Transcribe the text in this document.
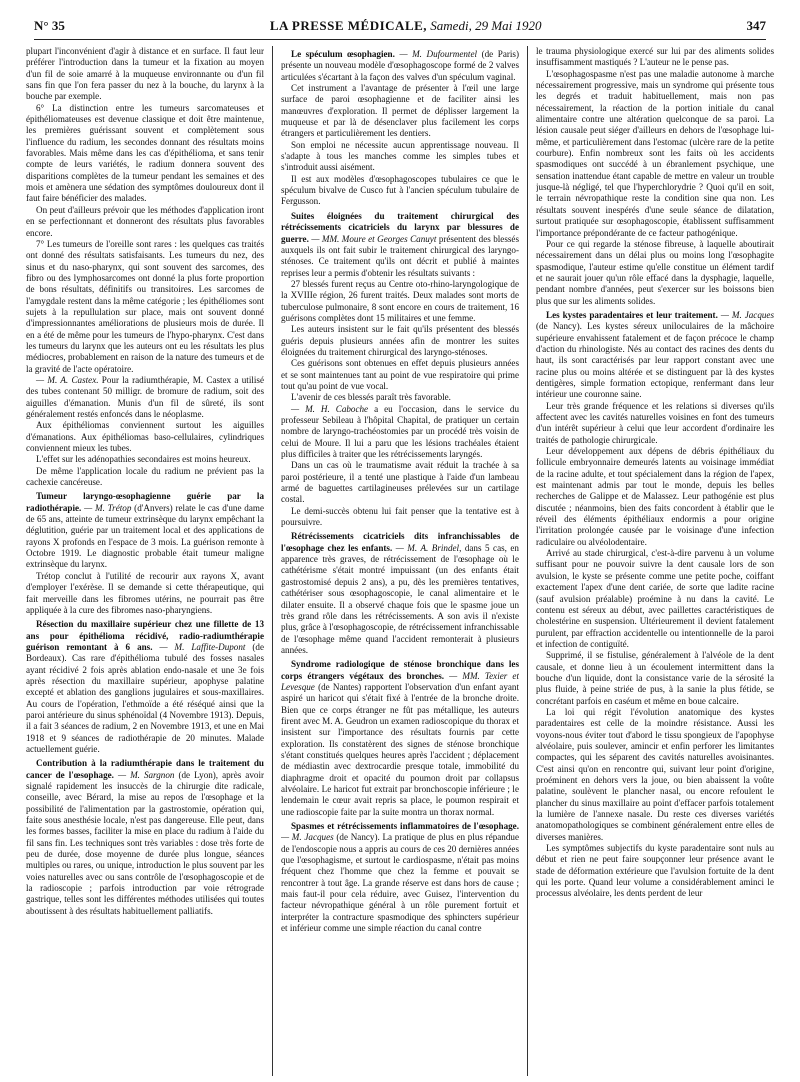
N° 35	LA PRESSE MÉDICALE, Samedi, 29 Mai 1920	347

plupart l'inconvénient d'agir à distance et en surface. Il faut leur préférer l'introduction dans la tumeur et la fixation au moyen d'un fil de soie amarré à la muqueuse environnante ou d'un fil sans fin que l'on fera passer du nez à la bouche, du larynx à la bouche par exemple.

6° La distinction entre les tumeurs sarcomateuses et épithéliomateuses est devenue classique et doit être maintenue, les premières guérissant souvent et complètement sous l'influence du radium, les secondes donnant des résultats moins favorables. Mais même dans les cas d'épithélioma, et sans tenir compte de leurs variétés, le radium donnera souvent des disparitions complètes de la tumeur pendant les semaines et des mois et amènera une sédation des symptômes douloureux dont il faut faire bénéficier des malades.

On peut d'ailleurs prévoir que les méthodes d'application iront en se perfectionnant et donneront des résultats plus favorables encore.

7° Les tumeurs de l'oreille sont rares : les quelques cas traités ont donné des résultats satisfaisants. Les tumeurs du nez, des sinus et du naso-pharynx, qui sont souvent des sarcomes, des fibro ou des lymphosarcomes ont donné la plus forte proportion de bons résultats, définitifs ou transitoires. Les sarcomes de l'amygdale restent dans la même catégorie ; les épithéliomes sont sujets à la repullulation sur place, mais ont souvent donné d'impressionnantes améliorations de plusieurs mois de durée. Il en a été de même pour les tumeurs de l'hypo-pharynx. C'est dans les tumeurs du larynx que les auteurs ont eu les résultats les plus médiocres, probablement en raison de la nature des tumeurs et de la gravité de l'acte opératoire.

— M. A. Castex. Pour la radiumthérapie, M. Castex a utilisé des tubes contenant 50 milligr. de bromure de radium, soit des aiguilles d'émanation. Munis d'un fil de sûreté, ils sont généralement restés enfoncés dans le néoplasme.

Aux épithéliomas conviennent surtout les aiguilles d'émanations. Aux épithéliomas baso-cellulaires, cylindriques conviennent mieux les tubes.

L'effet sur les adénopathies secondaires est moins heureux.

De même l'application locale du radium ne prévient pas la cachexie cancéreuse.

Tumeur laryngo-œsophagienne guérie par la radiothérapie. — M. Trétop (d'Anvers) relate le cas d'une dame de 65 ans, atteinte de tumeur extrinsèque du larynx empêchant la déglutition, guérie par un traitement local et des applications de rayons X profonds en l'espace de 3 mois. La guérison remonte à Octobre 1919. Le diagnostic probable était tumeur maligne extrinsèque du larynx.

Trétop conclut à l'utilité de recourir aux rayons X, avant d'employer l'exérèse. Il se demande si cette thérapeutique, qui fait merveille dans les fibromes utérins, ne pourrait pas être appliquée à la cure des fibromes naso-pharyngiens.

Résection du maxillaire supérieur chez une fillette de 13 ans pour épithélioma récidivé, radio-radiumthérapie guérison remontant à 6 ans. — M. Laffite-Dupont (de Bordeaux). Cas rare d'épithélioma tubulé des fosses nasales ayant récidivé 2 fois après ablation endo-nasale et une 3e fois après résection du maxillaire supérieur, apophyse palatine excepté et ablation des ganglions jugulaires et sous-maxillaires. Au cours de l'opération, l'ethmoïde a été réséqué ainsi que la paroi antérieure du sinus sphénoïdal (4 Novembre 1913). Depuis, il a fait 3 séances de radium, 2 en Novembre 1913, et une en Mai 1918 et 9 séances de radiothérapie de 20 minutes. Malade actuellement guérie.

Contribution à la radiumthérapie dans le traitement du cancer de l'œsophage. — M. Sargnon (de Lyon), après avoir signalé rapidement les insuccès de la chirurgie dite radicale, conseille, avec Bérard, la mise au repos de l'œsophage et la possibilité de l'alimentation par la gastrostomie, opération qui, faite sous anesthésie locale, n'est pas dangereuse. Elle peut, dans les formes basses, faciliter la mise en place du radium à l'aide du fil sans fin. Les techniques sont très variables : dose très forte de peu de durée, dose moyenne de durée plus longue, séances multiples ou rares, ou unique, introduction le plus souvent par les voies naturelles avec ou sans contrôle de l'œsophagoscopie et de la radioscopie ; parfois introduction par voie rétrograde gastrique, telles sont les différentes méthodes utilisées qui toutes aboutissent à des résultats habituellement palliatifs.

Le spéculum œsophagien. — M. Dufourmentel (de Paris) présente un nouveau modèle d'œsophagoscope formé de 2 valves articulées s'écartant à la façon des valves d'un spéculum vaginal.

Cet instrument a l'avantage de présenter à l'œil une large surface de paroi œsophagienne et de faciliter ainsi les manœuvres d'exploration. Il permet de déplisser largement la muqueuse et par là de désenclaver plus facilement les corps étrangers et particulièrement les dentiers.

Son emploi ne nécessite aucun apprentissage nouveau. Il s'adapte à tous les manches comme les simples tubes et s'introduit aussi aisément.

Il est aux modèles d'œsophagoscopes tubulaires ce que le spéculum bivalve de Cusco fut à l'ancien spéculum tubulaire de Fergusson.

Suites éloignées du traitement chirurgical des rétrécissements cicatriciels du larynx par blessures de guerre. — MM. Moure et Georges Canuyt présentent des blessés auxquels ils ont fait subir le traitement chirurgical des laryngo-sténoses. Ce traitement qu'ils ont décrit et publié à maintes reprises leur a permis d'obtenir les résultats suivants :

27 blessés furent reçus au Centre oto-rhino-laryngologique de la XVIIIe région, 26 furent traités. Deux malades sont morts de tuberculose pulmonaire, 8 sont encore en cours de traitement, 16 guérisons complètes dont 15 militaires et une femme.

Les auteurs insistent sur le fait qu'ils présentent des blessés guéris depuis plusieurs années afin de montrer les suites éloignées du traitement chirurgical des laryngo-sténoses.

Ces guérisons sont obtenues en effet depuis plusieurs années et se sont maintenues tant au point de vue respiratoire qui prime tout qu'au point de vue vocal.

L'avenir de ces blessés paraît très favorable.

— M. H. Caboche a eu l'occasion, dans le service du professeur Sebileau à l'hôpital Chapital, de pratiquer un certain nombre de laryngo-trachéostomies par un procédé très voisin de celui de Moure. Il lui a paru que les lésions trachéales étaient plus difficiles à traiter que les rétrécissements laryngés.

Dans un cas où le traumatisme avait réduit la trachée à sa paroi postérieure, il a tenté une plastique à l'aide d'un lambeau armé de baguettes cartilagineuses prélevées sur un cartilage costal.

Le demi-succès obtenu lui fait penser que la tentative est à poursuivre.

Rétrécissements cicatriciels dits infranchissables de l'œsophage chez les enfants. — M. A. Brindel, dans 5 cas, en apparence très graves, de rétrécissement de l'œsophage où le cathétérisme s'était montré impuissant (un des enfants était gastrostomisé depuis 2 ans), a pu, dès les premières tentatives, cathétériser sous œsophagoscopie, le canal alimentaire et le dilater ensuite. Il a observé chaque fois que le spasme joue un très grand rôle dans les rétrécissements. A son avis il n'existe plus, grâce à l'œsophagoscopie, de rétrécissement infranchissable de l'œsophage même quand l'accident remonterait à plusieurs années.

Syndrome radiologique de sténose bronchique dans les corps étrangers végétaux des bronches. — MM. Texier et Levesque (de Nantes) rapportent l'observation d'un enfant ayant aspiré un haricot qui s'était fixé à l'entrée de la bronche droite. Bien que ce corps étranger ne fût pas métallique, les auteurs firent avec M. A. Geudron un examen radioscopique du thorax et insistent sur l'importance des résultats fournis par cette exploration. Ils constatèrent des signes de sténose bronchique s'étant constitués quelques heures après l'accident ; déplacement de médiastin avec dextrocardie presque totale, immobilité du diaphragme droit et opacité du poumon droit par collapsus alvéolaire. Le haricot fut extrait par bronchoscopie inférieure ; le lendemain le cœur avait repris sa place, le poumon respirait et une radioscopie faite par la suite montra un thorax normal.

Spasmes et rétrécissements inflammatoires de l'œsophage. — M. Jacques (de Nancy). La pratique de plus en plus répandue de l'endoscopie nous a appris au cours de ces 20 dernières années que l'œsophagisme, et surtout le cardiospasme, n'était pas moins fréquent chez l'homme que chez la femme et pouvait se rencontrer à tout âge. La grande réserve est dans hors de cause ; mais faut-il pour cela réduire, avec Guisez, l'intervention du facteur névropathique général à un rôle purement fortuit et interpréter la contracture spasmodique des sphincters supérieur et inférieur comme une simple réaction du canal contre

le trauma physiologique exercé sur lui par des aliments solides insuffisamment mastiqués ? L'auteur ne le pense pas.

L'œsophagospasme n'est pas une maladie autonome à marche nécessairement progressive, mais un syndrome qui présente tous les degrés et traduit habituellement, mais non pas nécessairement, la réaction de la portion initiale du canal alimentaire contre une altération quelconque de sa paroi. La lésion causale peut siéger d'ailleurs en dehors de l'œsophage lui-même, et particulièrement dans l'estomac (ulcère rare de la petite courbure). Enfin nombreux sont les faits où les accidents spasmodiques ont succédé à un ébranlement psychique, une sensation inattendue étant capable de mettre en valeur un trouble jusque-là négligé, tel que l'hyperchlorydrie ? Quoi qu'il en soit, le terrain névropathique reste la condition sine qua non. Les résultats souvent inespérés d'une seule séance de dilatation, surtout pratiquée sur œsophagoscopie, établissent suffisamment l'importance prépondérante de ce facteur pathogénique.

Pour ce qui regarde la sténose fibreuse, à laquelle aboutirait nécessairement dans un délai plus ou moins long l'œsophagite spasmodique, l'auteur estime qu'elle constitue un élément tardif et ne saurait jouer qu'un rôle effacé dans la dysphagie, laquelle, pendant nombre d'années, peut s'exercer sur les boissons bien plus que sur les aliments solides.

Les kystes paradentaires et leur traitement. — M. Jacques (de Nancy). Les kystes séreux uniloculaires de la mâchoire supérieure envahissent fatalement et de façon précoce le champ d'action du rhinologiste. Nés au contact des racines des dents du haut, ils sont caractérisés par leur rapport constant avec une racine plus ou moins altérée et se distinguent par là des kystes dentigères, simple formation ectopique, renfermant dans leur intérieur une couronne saine.

Leur très grande fréquence et les relations si diverses qu'ils affectent avec les cavités naturelles voisines en font des tumeurs d'un intérêt supérieur à celui que leur accordent d'ordinaire les traités de pathologie chirurgicale.

Leur développement aux dépens de débris épithéliaux du follicule embryonnaire demeurés latents au voisinage immédiat de la racine adulte, et tout spécialement dans la région de l'apex, est maintenant admis par tout le monde, depuis les belles recherches de Galippe et de Malassez. Leur pathogénie est plus discutée ; néanmoins, bien des faits concordent à établir que le réveil des éléments épithéliaux endormis a pour origine l'irritation prolongée causée par le voisinage d'une infection radiculaire ou alvéolodentaire.

Arrivé au stade chirurgical, c'est-à-dire parvenu à un volume suffisant pour ne pouvoir suivre la dent causale lors de son avulsion, le kyste se présente comme une petite poche, coiffant exactement l'apex d'une dent cariée, de sorte que ladite racine (sauf avulsion préalable) proémine à nu dans la cavité. Le contenu est séreux au début, avec paillettes caractéristiques de cholestérine en suspension. Ultérieurement il devient fatalement purulent, par effraction accidentelle ou intentionnelle de la paroi et infection de contiguïté.

Supprimé, il se fistulise, généralement à l'alvéole de la dent causale, et donne lieu à un écoulement intermittent dans la bouche d'un liquide, dont la consistance varie de la sérosité la plus fluide, à peine striée de pus, à la sanie la plus fétide, se concrétant parfois en caséum et même en boue calcaire.

La loi qui régit l'évolution anatomique des kystes paradentaires est celle de la moindre résistance. Aussi les voyons-nous éviter tout d'abord le tissu spongieux de l'apophyse alvéolaire, puis soulever, amincir et enfin perforer les limitantes compactes, qui les séparent des cavités naturelles avoisinantes. C'est ainsi qu'on en rencontre qui, suivant leur point d'origine, proéminent en dehors vers la joue, ou bien abaissent la voûte palatine, soulèvent le plancher nasal, ou encore refoulent le plancher du sinus maxillaire au point d'effacer parfois totalement la lumière de l'annexe nasale. Du reste ces diverses variétés anatomopathologiques se combinent généralement entre elles de diverses manières.

Les symptômes subjectifs du kyste paradentaire sont nuls au début et rien ne peut faire soupçonner leur présence avant le stade de déformation extérieure que l'avulsion fortuite de la dent qui les porte. Quand leur volume a considérablement aminci le processus alvéolaire, les dents perdent de leur
